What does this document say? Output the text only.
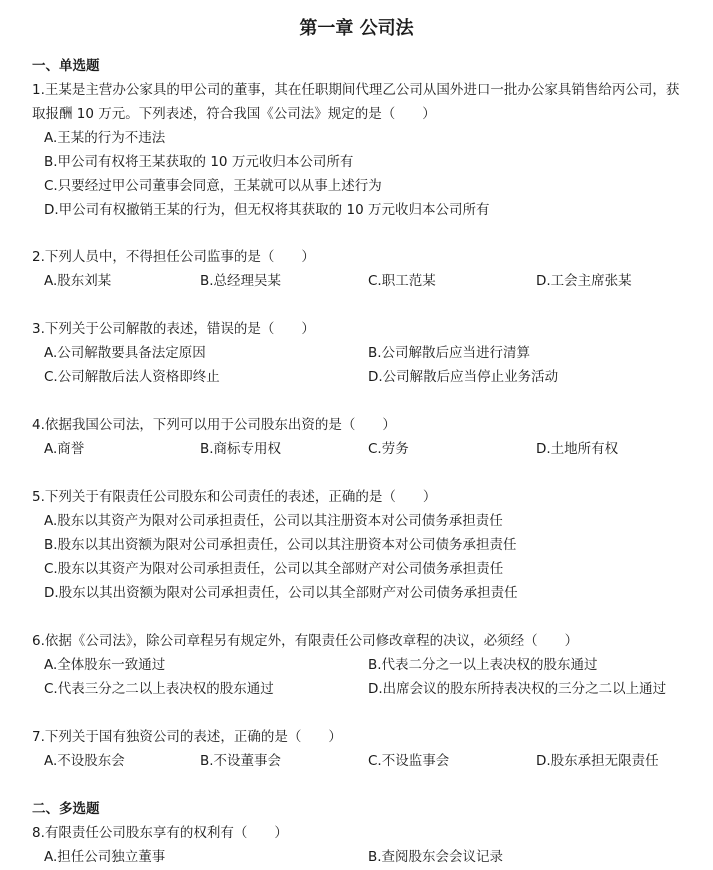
第一章 公司法
一、单选题

1.王某是主营办公家具的甲公司的董事，其在任职期间代理乙公司从国外进口一批办公家具销售给丙公司，获取报酬 10 万元。下列表述，符合我国《公司法》规定的是（　　）

A.王某的行为不违法
B.甲公司有权将王某获取的 10 万元收归本公司所有
C.只要经过甲公司董事会同意，王某就可以从事上述行为
D.甲公司有权撤销王某的行为，但无权将其获取的 10 万元收归本公司所有

2.下列人员中，不得担任公司监事的是（　　）

A.股东刘某	B.总经理吴某	C.职工范某	D.工会主席张某

3.下列关于公司解散的表述，错误的是（　　）

A.公司解散要具备法定原因	B.公司解散后应当进行清算
C.公司解散后法人资格即终止	D.公司解散后应当停止业务活动

4.依据我国公司法，下列可以用于公司股东出资的是（　　）

A.商誉	B.商标专用权	C.劳务	D.土地所有权

5.下列关于有限责任公司股东和公司责任的表述，正确的是（　　）

A.股东以其资产为限对公司承担责任，公司以其注册资本对公司债务承担责任
B.股东以其出资额为限对公司承担责任，公司以其注册资本对公司债务承担责任
C.股东以其资产为限对公司承担责任，公司以其全部财产对公司债务承担责任
D.股东以其出资额为限对公司承担责任，公司以其全部财产对公司债务承担责任

6.依据《公司法》，除公司章程另有规定外，有限责任公司修改章程的决议，必须经（　　）

A.全体股东一致通过	B.代表二分之一以上表决权的股东通过
C.代表三分之二以上表决权的股东通过	D.出席会议的股东所持表决权的三分之二以上通过

7.下列关于国有独资公司的表述，正确的是（　　）

A.不设股东会	B.不设董事会	C.不设监事会	D.股东承担无限责任
二、多选题

8.有限责任公司股东享有的权利有（　　）

A.担任公司独立董事	B.查阅股东会会议记录
